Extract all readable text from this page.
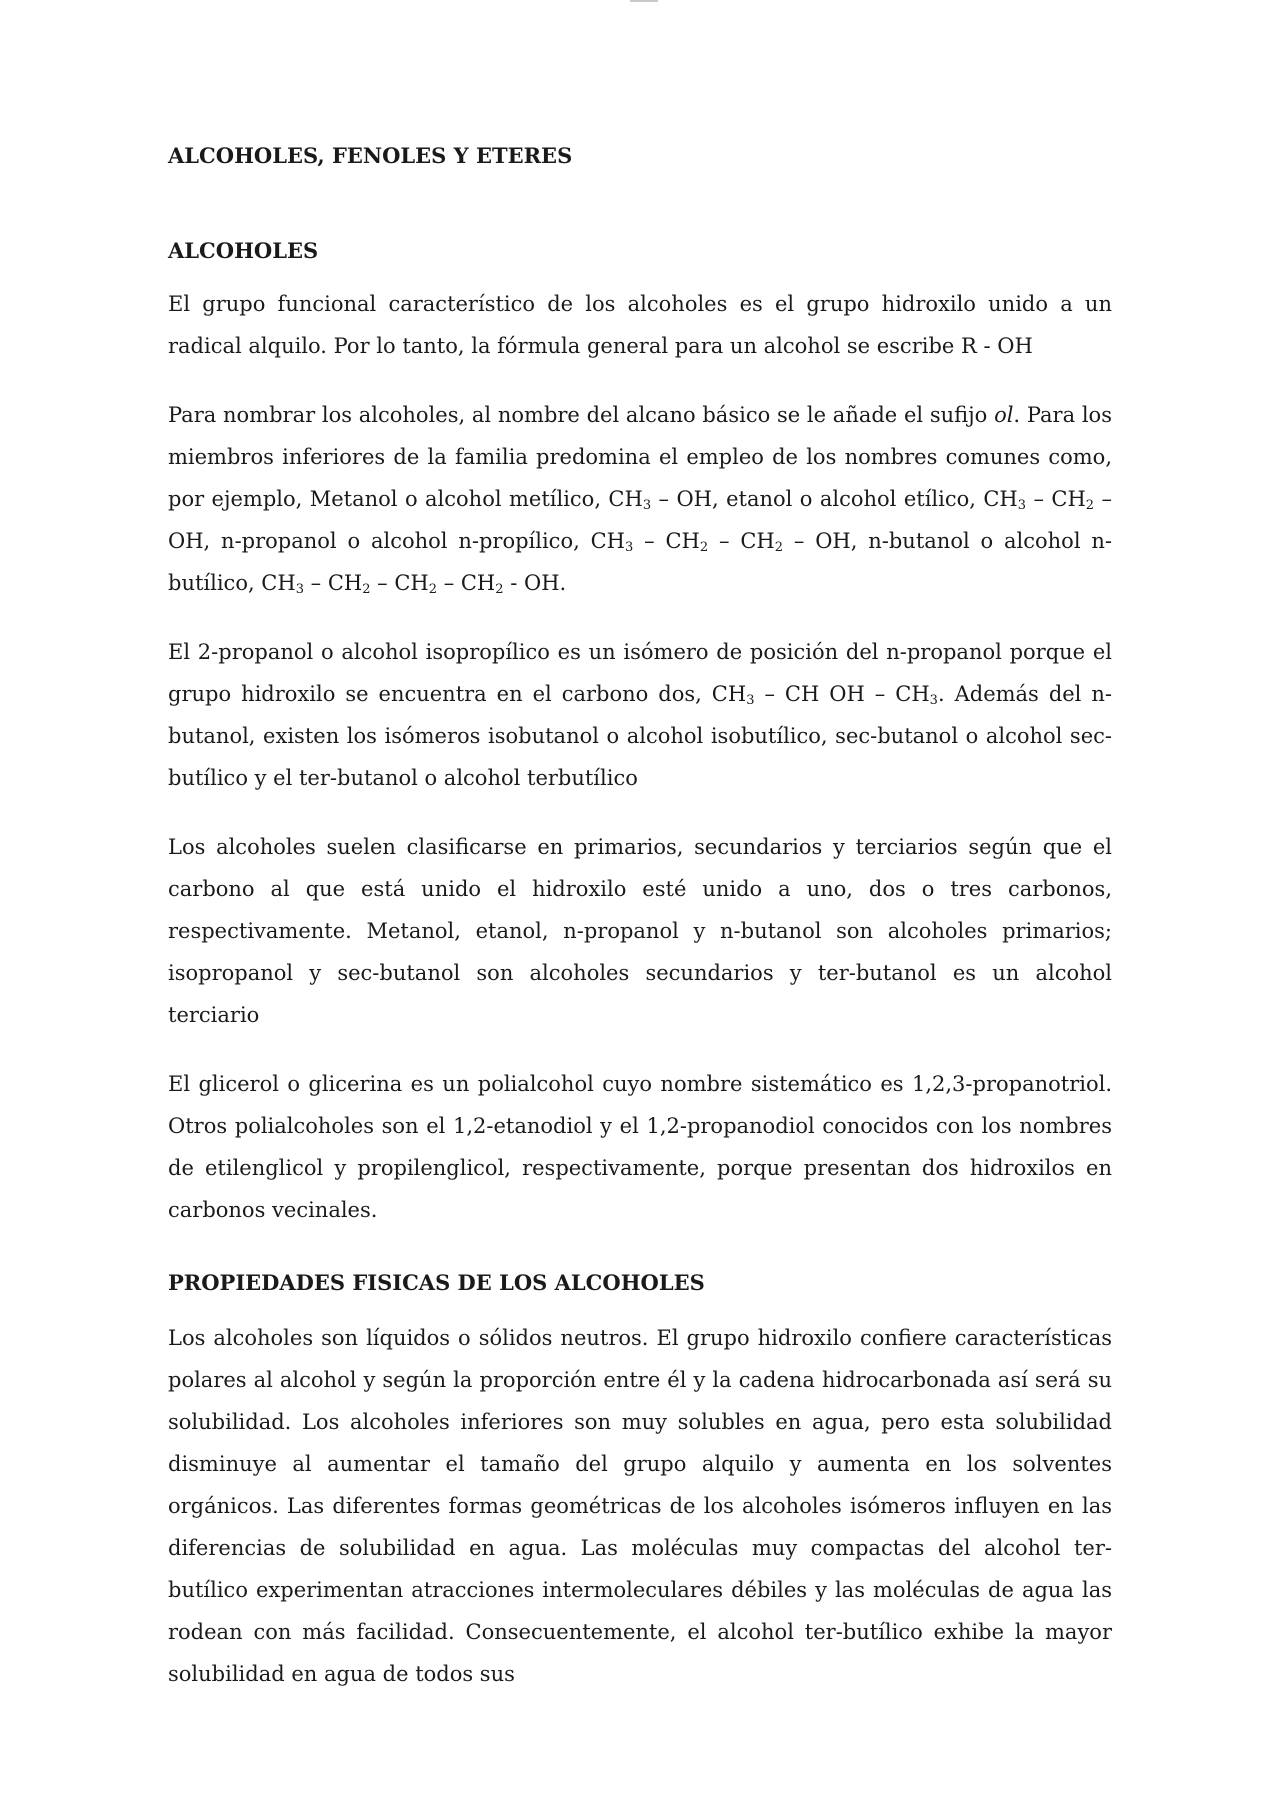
ALCOHOLES, FENOLES Y ETERES
ALCOHOLES
El grupo funcional característico de los alcoholes es el grupo hidroxilo unido a un radical alquilo. Por lo tanto, la fórmula general para un alcohol se escribe R - OH
Para nombrar los alcoholes, al nombre del alcano básico se le añade el sufijo ol. Para los miembros inferiores de la familia predomina el empleo de los nombres comunes como, por ejemplo, Metanol o alcohol metílico, $CH_3$ – OH, etanol o alcohol etílico, $CH_3 - CH_2$ – OH, n-propanol o alcohol n-propílico, $CH_3 - CH_2 - CH_2$ – OH, n-butanol o alcohol n-butílico, $CH_3 - CH_2 - CH_2 - CH_2$ - OH.
El 2-propanol o alcohol isopropílico es un isómero de posición del n-propanol porque el grupo hidroxilo se encuentra en el carbono dos, $CH_3$ – CH OH – $CH_3$. Además del n- butanol, existen los isómeros isobutanol o alcohol isobutílico, sec-butanol o alcohol sec- butílico y el ter-butanol o alcohol terbutílico
Los alcoholes suelen clasificarse en primarios, secundarios y terciarios según que el carbono al que está unido el hidroxilo esté unido a uno, dos o tres carbonos, respectivamente. Metanol, etanol, n-propanol y n-butanol son alcoholes primarios; isopropanol y sec-butanol son alcoholes secundarios y ter-butanol es un alcohol terciario
El glicerol o glicerina es un polialcohol cuyo nombre sistemático es 1,2,3-propanotriol. Otros polialcoholes son el 1,2-etanodiol y el 1,2-propanodiol conocidos con los nombres de etilenglicol y propilenglicol, respectivamente, porque presentan dos hidroxilos en carbonos vecinales.
PROPIEDADES FISICAS DE LOS ALCOHOLES
Los alcoholes son líquidos o sólidos neutros. El grupo hidroxilo confiere características polares al alcohol y según la proporción entre él y la cadena hidrocarbonada así será su solubilidad. Los alcoholes inferiores son muy solubles en agua, pero esta solubilidad disminuye al aumentar el tamaño del grupo alquilo y aumenta en los solventes orgánicos. Las diferentes formas geométricas de los alcoholes isómeros influyen en las diferencias de solubilidad en agua. Las moléculas muy compactas del alcohol ter-butílico experimentan atracciones intermoleculares débiles y las moléculas de agua las rodean con más facilidad. Consecuentemente, el alcohol ter-butílico exhibe la mayor solubilidad en agua de todos sus
